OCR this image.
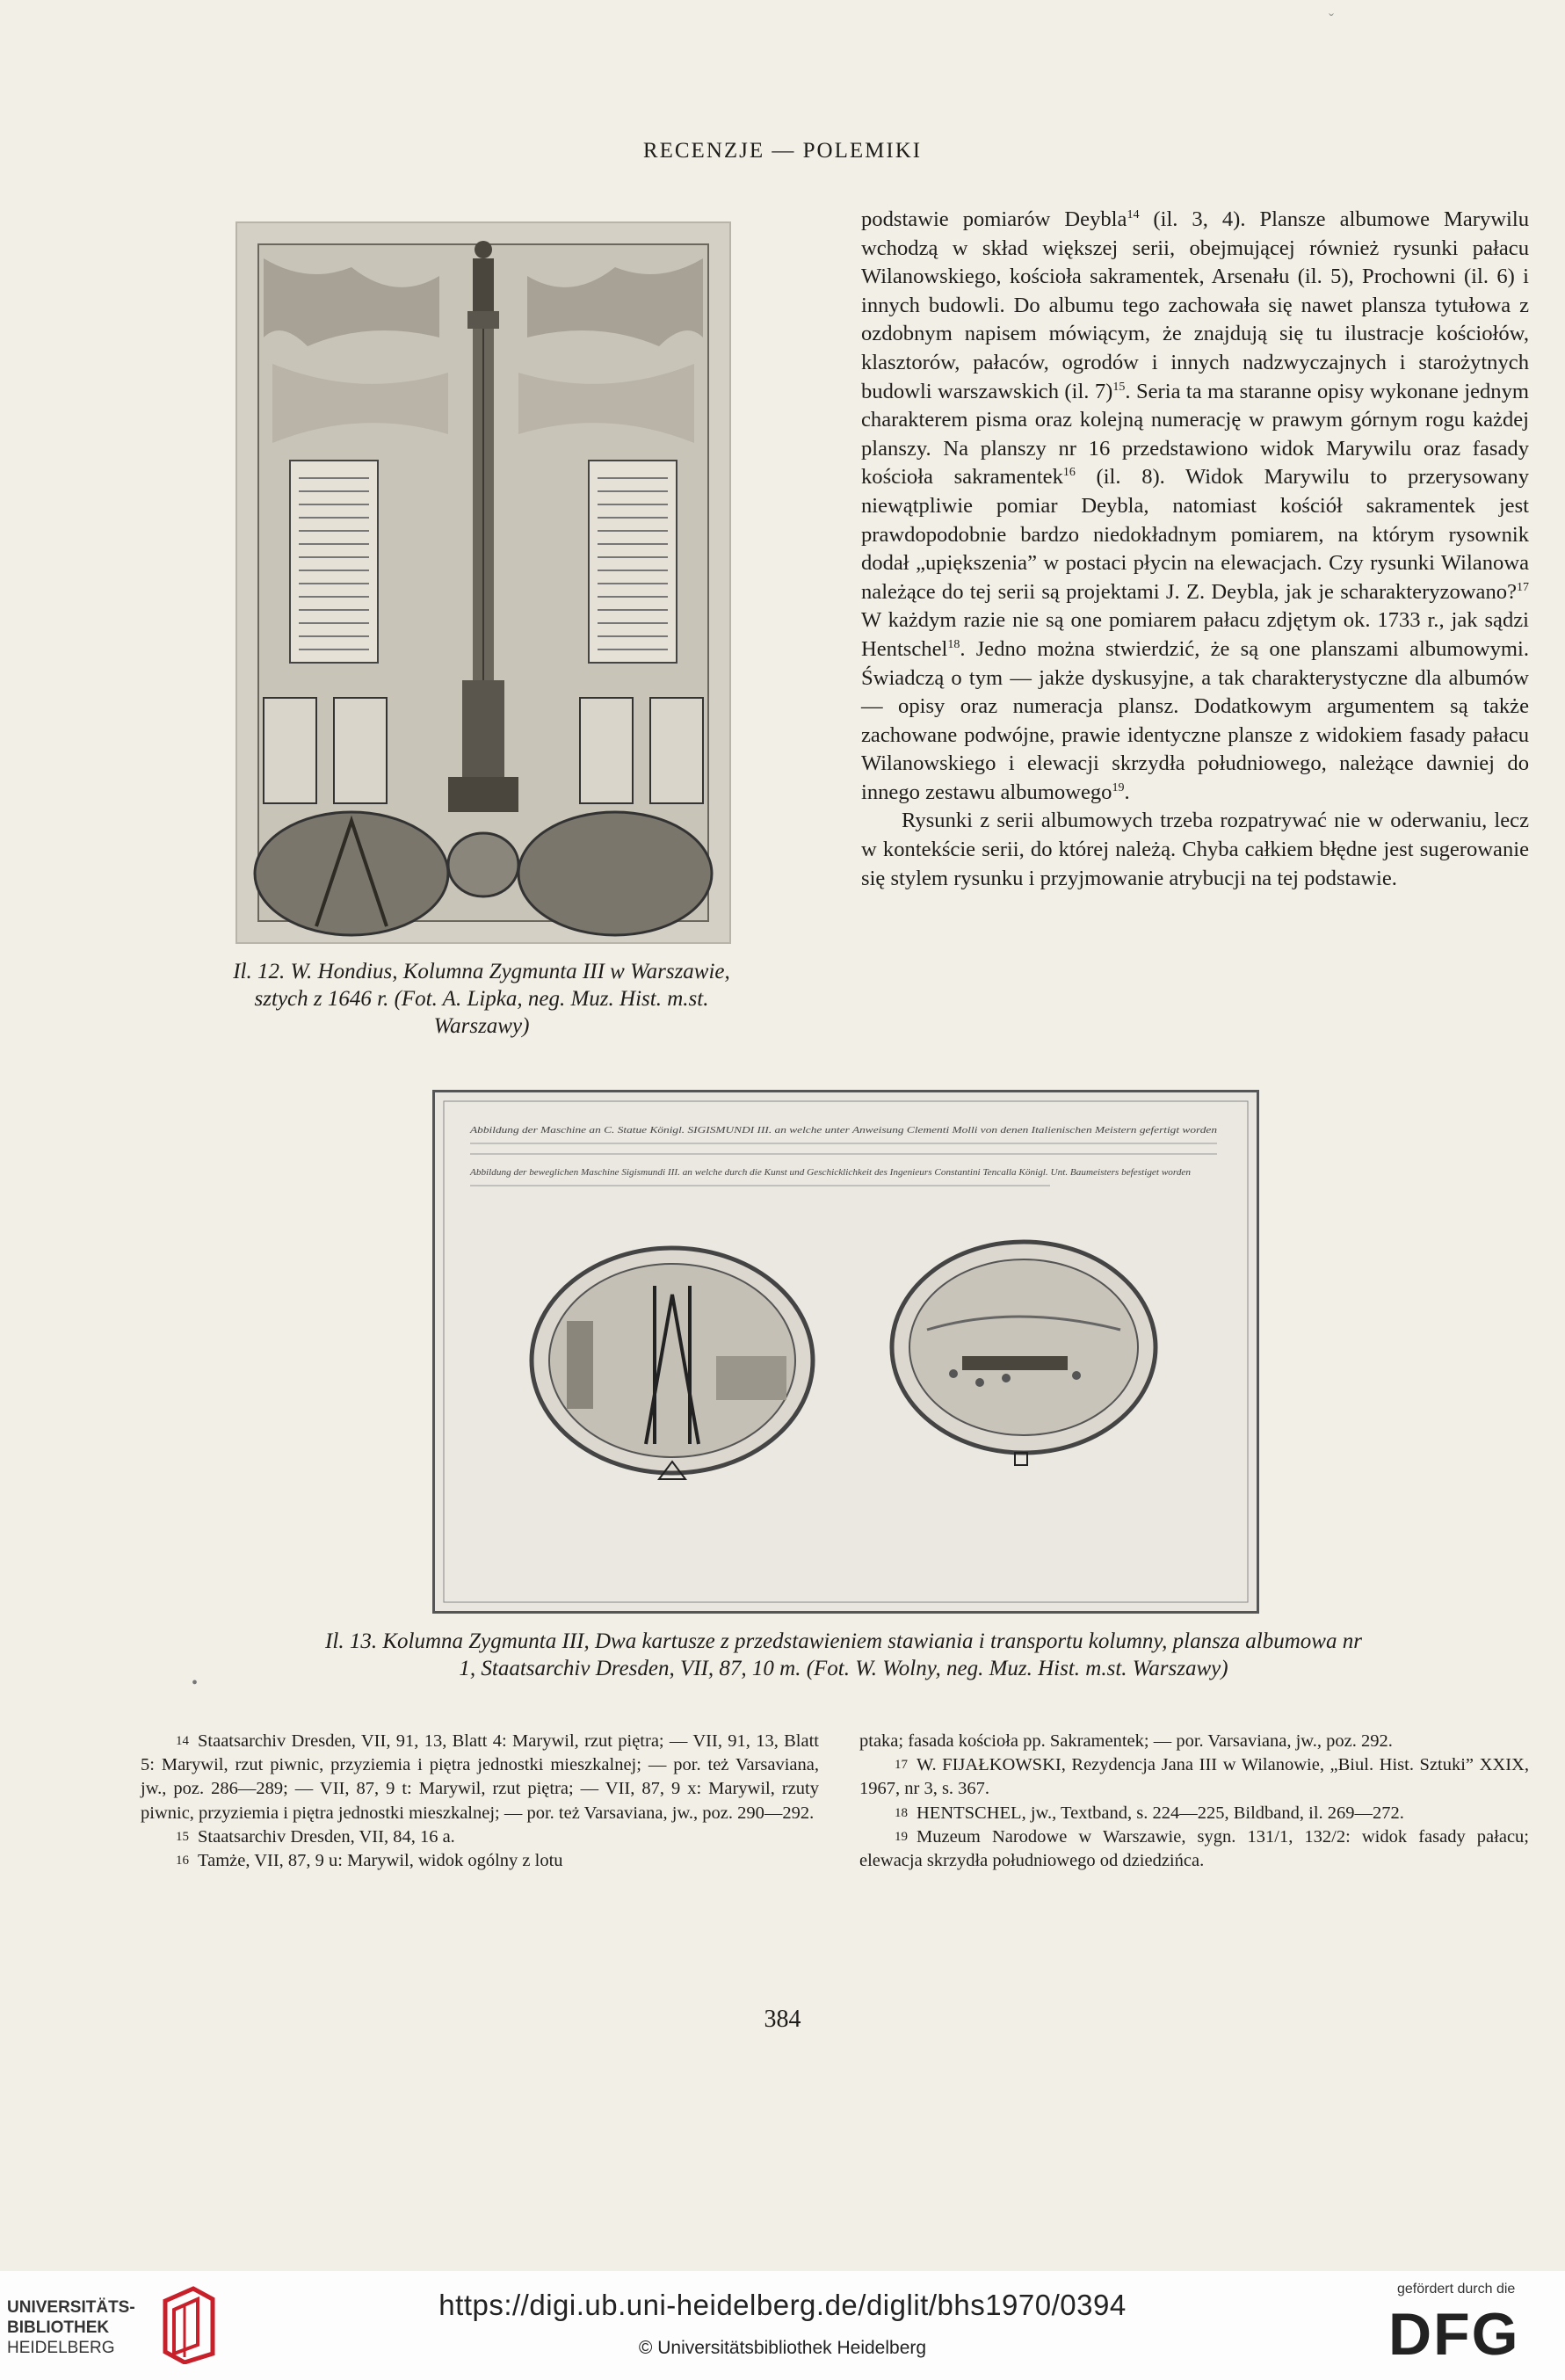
RECENZJE — POLEMIKI
ˇ
Il. 12. W. Hondius, Kolumna Zygmunta III w Warszawie, sztych z 1646 r. (Fot. A. Lipka, neg. Muz. Hist. m.st. Warszawy)

podstawie pomiarów Deybla$^{14}$ (il. 3, 4). Plansze albumowe Marywilu wchodzą w skład większej serii, obejmującej również rysunki pałacu Wilanowskiego, kościoła sakramentek, Arsenału (il. 5), Prochowni (il. 6) i innych budowli. Do albumu tego zachowała się nawet plansza tytułowa z ozdobnym napisem mówiącym, że znajdują się tu ilustracje kościołów, klasztorów, pałaców, ogrodów i innych nadzwyczajnych i starożytnych budowli warszawskich (il. 7)$^{15}$. Seria ta ma staranne opisy wykonane jednym charakterem pisma oraz kolejną numerację w prawym górnym rogu każdej planszy. Na planszy nr 16 przedstawiono widok Marywilu oraz fasady kościoła sakramentek$^{16}$ (il. 8). Widok Marywilu to przerysowany niewątpliwie pomiar Deybla, natomiast kościół sakramentek jest prawdopodobnie bardzo niedokładnym pomiarem, na którym rysownik dodał „upiększenia” w postaci płycin na elewacjach. Czy rysunki Wilanowa należące do tej serii są projektami J. Z. Deybla, jak je scharakteryzowano?$^{17}$ W każdym razie nie są one pomiarem pałacu zdjętym ok. 1733 r., jak sądzi Hentschel$^{18}$. Jedno można stwierdzić, że są one planszami albumowymi. Świadczą o tym — jakże dyskusyjne, a tak charakterystyczne dla albumów — opisy oraz numeracja plansz. Dodatkowym argumentem są także zachowane podwójne, prawie identyczne plansze z widokiem fasady pałacu Wilanowskiego i elewacji skrzydła południowego, należące dawniej do innego zestawu albumowego$^{19}$.

Rysunki z serii albumowych trzeba rozpatrywać nie w oderwaniu, lecz w kontekście serii, do której należą. Chyba całkiem błędne jest sugerowanie się stylem rysunku i przyjmowanie atrybucji na tej podstawie.

Abbildung der Maschine an C. Statue Königl. SIGISMUNDI III. an welche unter Anweisung Clementi Molli von denen Italienischen Meistern gefertigt worden
Abbildung der beweglichen Maschine Sigismundi III. an welche durch die Kunst und Geschicklichkeit des Ingenieurs Constantini Tencalla Königl. Unt. Baumeisters befestiget worden
Il. 13. Kolumna Zygmunta III, Dwa kartusze z przedstawieniem stawiania i transportu kolumny, plansza albumowa nr 1, Staatsarchiv Dresden, VII, 87, 10 m. (Fot. W. Wolny, neg. Muz. Hist. m.st. Warszawy)
•

14 Staatsarchiv Dresden, VII, 91, 13, Blatt 4: Marywil, rzut piętra; — VII, 91, 13, Blatt 5: Marywil, rzut piwnic, przyziemia i piętra jednostki mieszkalnej; — por. też Varsaviana, jw., poz. 286—289; — VII, 87, 9 t: Marywil, rzut piętra; — VII, 87, 9 x: Marywil, rzuty piwnic, przyziemia i piętra jednostki mieszkalnej; — por. też Varsaviana, jw., poz. 290—292.

15 Staatsarchiv Dresden, VII, 84, 16 a.

16 Tamże, VII, 87, 9 u: Marywil, widok ogólny z lotu

ptaka; fasada kościoła pp. Sakramentek; — por. Varsaviana, jw., poz. 292.

17 W. FIJAŁKOWSKI, Rezydencja Jana III w Wilanowie, „Biul. Hist. Sztuki” XXIX, 1967, nr 3, s. 367.

18 HENTSCHEL, jw., Textband, s. 224—225, Bildband, il. 269—272.

19 Muzeum Narodowe w Warszawie, sygn. 131/1, 132/2: widok fasady pałacu; elewacja skrzydła południowego od dziedzińca.

384
UNIVERSITÄTS-
BIBLIOTHEK
HEIDELBERG
https://digi.ub.uni-heidelberg.de/diglit/bhs1970/0394
© Universitätsbibliothek Heidelberg
gefördert durch die
DFG
